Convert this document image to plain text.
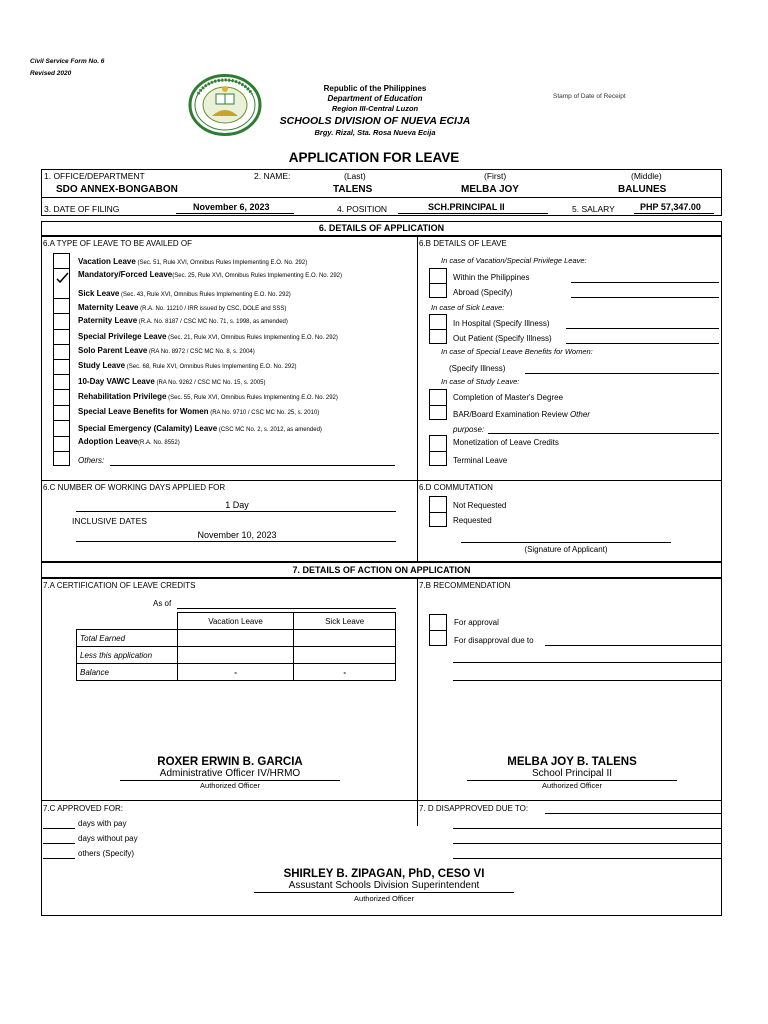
Civil Service Form No. 6
Revised 2020
Republic of the Philippines
Department of Education
Region III-Central Luzon
SCHOOLS DIVISION OF NUEVA ECIJA
Brgy. Rizal, Sta. Rosa Nueva Ecija
Stamp of Date of Receipt
APPLICATION FOR LEAVE
1. OFFICE/DEPARTMENT
SDO ANNEX-BONGABON
2. NAME:	(Last)	(First)	(Middle)
TALENS	MELBA JOY	BALUNES
3. DATE OF FILING	November 6, 2023	4. POSITION	SCH.PRINCIPAL II	5. SALARY	PHP 57,347.00
6. DETAILS OF APPLICATION
6.A TYPE OF LEAVE TO BE AVAILED OF
Vacation Leave (Sec. 51, Rule XVI, Omnibus Rules Implementing E.O. No. 292)
Mandatory/Forced Leave(Sec. 25, Rule XVI, Omnibus Rules Implementing E.O. No. 292)
Sick Leave (Sec. 43, Rule XVI, Omnibus Rules Implementing E.O. No. 292)
Maternity Leave (R.A. No. 11210 / IRR issued by CSC, DOLE and SSS)
Paternity Leave (R.A. No. 8187 / CSC MC No. 71, s. 1998, as amended)
Special Privilege Leave (Sec. 21, Rule XVI, Omnibus Rules Implementing E.O. No. 292)
Solo Parent Leave (RA No. 8972 / CSC MC No. 8, s. 2004)
Study Leave (Sec. 68, Rule XVI, Omnibus Rules Implementing E.O. No. 292)
10-Day VAWC Leave (RA No. 9262 / CSC MC No. 15, s. 2005)
Rehabilitation Privilege (Sec. 55, Rule XVI, Omnibus Rules Implementing E.O. No. 292)
Special Leave Benefits for Women (RA No. 9710 / CSC MC No. 25, s. 2010)
Special Emergency (Calamity) Leave (CSC MC No. 2, s. 2012, as amended)
Adoption Leave(R.A. No. 8552)
Others:
6.B DETAILS OF LEAVE
In case of Vacation/Special Privilege Leave:
Within the Philippines
Abroad (Specify)
In case of Sick Leave:
In Hospital (Specify Illness)
Out Patient (Specify Illness)
In case of Special Leave Benefits for Women:
(Specify Illness)
In case of Study Leave:
Completion of Master's Degree
BAR/Board Examination Review Other
purpose:
Monetization of Leave Credits
Terminal Leave
6.C NUMBER OF WORKING DAYS APPLIED FOR
1 Day
INCLUSIVE DATES
November 10, 2023
6.D COMMUTATION
Not Requested
Requested
(Signature of Applicant)
7. DETAILS OF ACTION ON APPLICATION
7.A CERTIFICATION OF LEAVE CREDITS
As of
	Vacation Leave	Sick Leave
Total Earned		
Less this application		
Balance	-	-
7.B RECOMMENDATION
For approval
For disapproval due to
ROXER ERWIN B. GARCIA
Administrative Officer IV/HRMO
Authorized Officer
MELBA JOY B. TALENS
School Principal II
Authorized Officer
7.C APPROVED FOR:
days with pay
days without pay
others (Specify)
7. D DISAPPROVED DUE TO:
SHIRLEY B. ZIPAGAN, PhD, CESO VI
Assustant Schools Division Superintendent
Authorized Officer
